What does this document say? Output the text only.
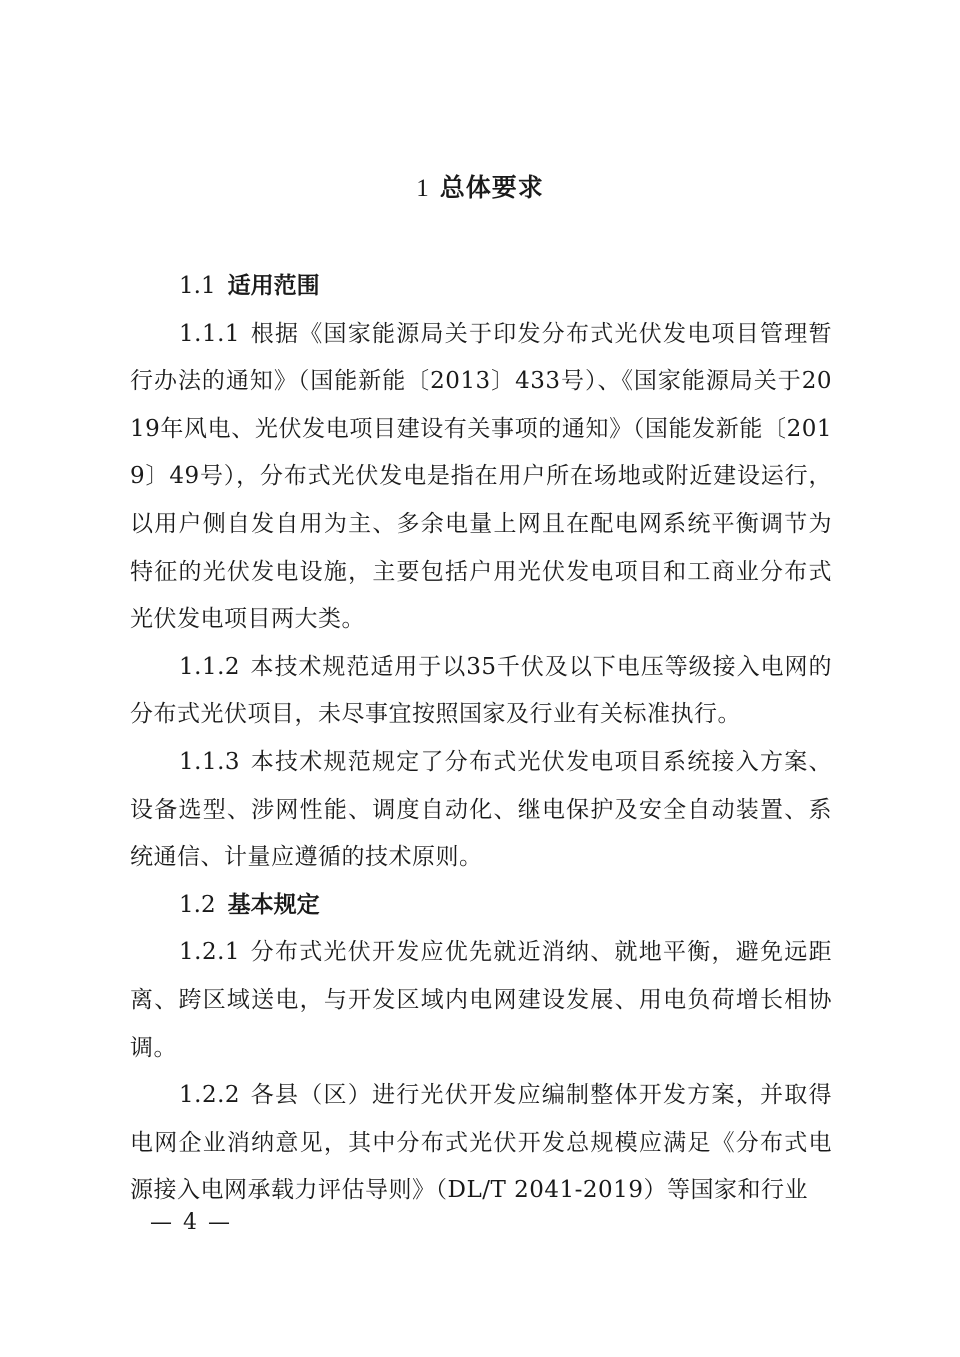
1 总体要求

1.1 适用范围

1.1.1 根据《国家能源局关于印发分布式光伏发电项目管理暂行办法的通知》（国能新能〔2013〕433号）、《国家能源局关于2019年风电、光伏发电项目建设有关事项的通知》（国能发新能〔2019〕49号），分布式光伏发电是指在用户所在场地或附近建设运行，以用户侧自发自用为主、多余电量上网且在配电网系统平衡调节为特征的光伏发电设施，主要包括户用光伏发电项目和工商业分布式光伏发电项目两大类。

1.1.2 本技术规范适用于以35千伏及以下电压等级接入电网的分布式光伏项目，未尽事宜按照国家及行业有关标准执行。

1.1.3 本技术规范规定了分布式光伏发电项目系统接入方案、设备选型、涉网性能、调度自动化、继电保护及安全自动装置、系统通信、计量应遵循的技术原则。

1.2 基本规定

1.2.1 分布式光伏开发应优先就近消纳、就地平衡，避免远距离、跨区域送电，与开发区域内电网建设发展、用电负荷增长相协调。

1.2.2 各县（区）进行光伏开发应编制整体开发方案，并取得电网企业消纳意见，其中分布式光伏开发总规模应满足《分布式电源接入电网承载力评估导则》（DL/T 2041-2019）等国家和行业

— 4 —
